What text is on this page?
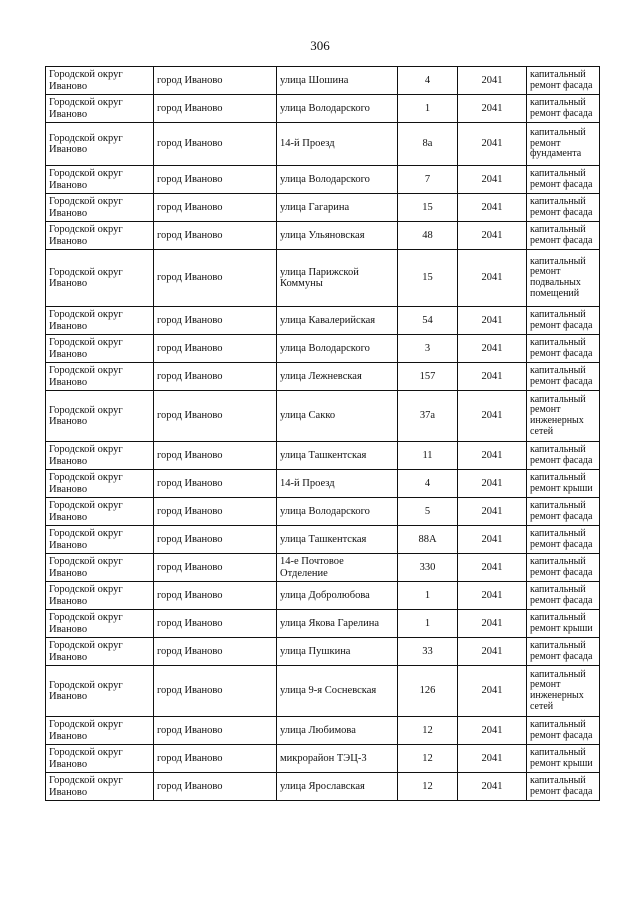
306
Городской округ Иваново	город Иваново	улица Шошина	4	2041	капитальный ремонт фасада
Городской округ Иваново	город Иваново	улица Володарского	1	2041	капитальный ремонт фасада
Городской округ Иваново	город Иваново	14-й Проезд	8а	2041	капитальный ремонт фундамента
Городской округ Иваново	город Иваново	улица Володарского	7	2041	капитальный ремонт фасада
Городской округ Иваново	город Иваново	улица Гагарина	15	2041	капитальный ремонт фасада
Городской округ Иваново	город Иваново	улица Ульяновская	48	2041	капитальный ремонт фасада
Городской округ Иваново	город Иваново	улица Парижской Коммуны	15	2041	капитальный ремонт подвальных помещений
Городской округ Иваново	город Иваново	улица Кавалерийская	54	2041	капитальный ремонт фасада
Городской округ Иваново	город Иваново	улица Володарского	3	2041	капитальный ремонт фасада
Городской округ Иваново	город Иваново	улица Лежневская	157	2041	капитальный ремонт фасада
Городской округ Иваново	город Иваново	улица Сакко	37а	2041	капитальный ремонт инженерных сетей
Городской округ Иваново	город Иваново	улица Ташкентская	11	2041	капитальный ремонт фасада
Городской округ Иваново	город Иваново	14-й Проезд	4	2041	капитальный ремонт крыши
Городской округ Иваново	город Иваново	улица Володарского	5	2041	капитальный ремонт фасада
Городской округ Иваново	город Иваново	улица Ташкентская	88А	2041	капитальный ремонт фасада
Городской округ Иваново	город Иваново	14-е Почтовое Отделение	330	2041	капитальный ремонт фасада
Городской округ Иваново	город Иваново	улица Добролюбова	1	2041	капитальный ремонт фасада
Городской округ Иваново	город Иваново	улица Якова Гарелина	1	2041	капитальный ремонт крыши
Городской округ Иваново	город Иваново	улица Пушкина	33	2041	капитальный ремонт фасада
Городской округ Иваново	город Иваново	улица 9-я Сосневская	126	2041	капитальный ремонт инженерных сетей
Городской округ Иваново	город Иваново	улица Любимова	12	2041	капитальный ремонт фасада
Городской округ Иваново	город Иваново	микрорайон ТЭЦ-3	12	2041	капитальный ремонт крыши
Городской округ Иваново	город Иваново	улица Ярославская	12	2041	капитальный ремонт фасада
